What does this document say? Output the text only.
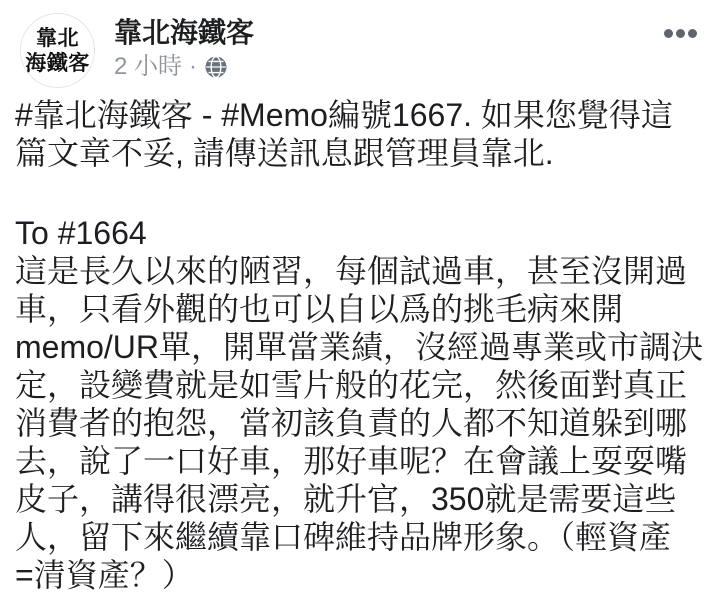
靠北
海鐵客
靠北海鐵客
2 小時 ·
#靠北海鐵客 - #Memo編號1667. 如果您覺得這
篇文章不妥, 請傳送訊息跟管理員靠北.
To #1664
這是長久以來的陋習，每個試過車，甚至沒開過
車，只看外觀的也可以自以爲的挑毛病來開
memo/UR單，開單當業績，沒經過專業或市調決
定，設變費就是如雪片般的花完，然後面對真正
消費者的抱怨，當初該負責的人都不知道躲到哪
去，說了一口好車，那好車呢？在會議上耍耍嘴
皮子，講得很漂亮，就升官，350就是需要這些
人，留下來繼續靠口碑維持品牌形象。（輕資產
=清資產？）
